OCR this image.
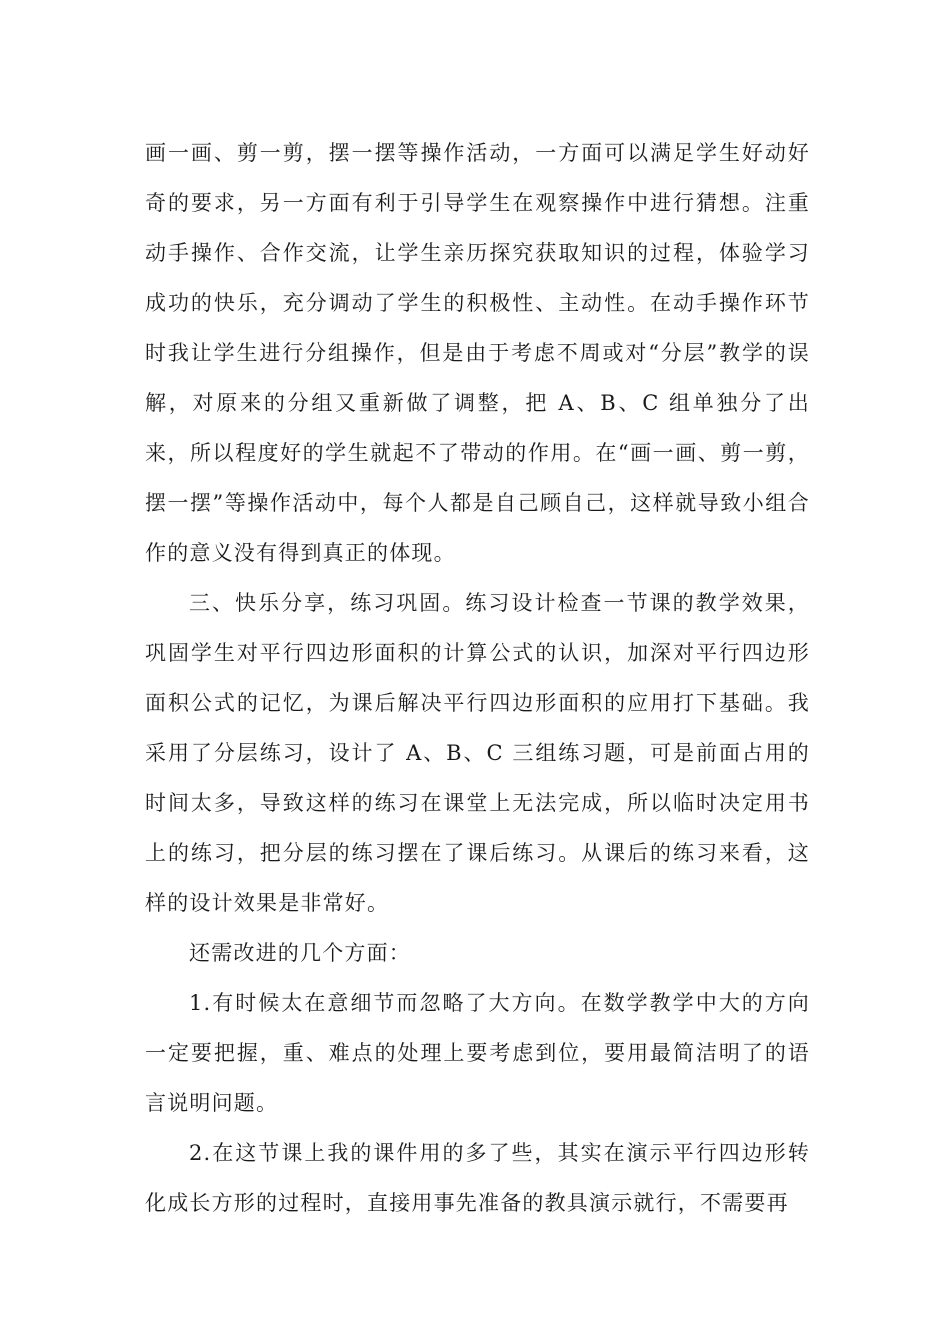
画一画、剪一剪，摆一摆等操作活动，一方面可以满足学生好动好奇的要求，另一方面有利于引导学生在观察操作中进行猜想。注重动手操作、合作交流，让学生亲历探究获取知识的过程，体验学习成功的快乐，充分调动了学生的积极性、主动性。在动手操作环节时我让学生进行分组操作，但是由于考虑不周或对“分层”教学的误解，对原来的分组又重新做了调整，把 A、B、C 组单独分了出来，所以程度好的学生就起不了带动的作用。在“画一画、剪一剪，摆一摆”等操作活动中，每个人都是自己顾自己，这样就导致小组合作的意义没有得到真正的体现。

三、快乐分享，练习巩固。练习设计检查一节课的教学效果，巩固学生对平行四边形面积的计算公式的认识，加深对平行四边形面积公式的记忆，为课后解决平行四边形面积的应用打下基础。我采用了分层练习，设计了 A、B、C 三组练习题，可是前面占用的时间太多，导致这样的练习在课堂上无法完成，所以临时决定用书上的练习，把分层的练习摆在了课后练习。从课后的练习来看，这样的设计效果是非常好。

还需改进的几个方面：

1.有时候太在意细节而忽略了大方向。在数学教学中大的方向一定要把握，重、难点的处理上要考虑到位，要用最简洁明了的语言说明问题。

2.在这节课上我的课件用的多了些，其实在演示平行四边形转化成长方形的过程时，直接用事先准备的教具演示就行，不需要再
